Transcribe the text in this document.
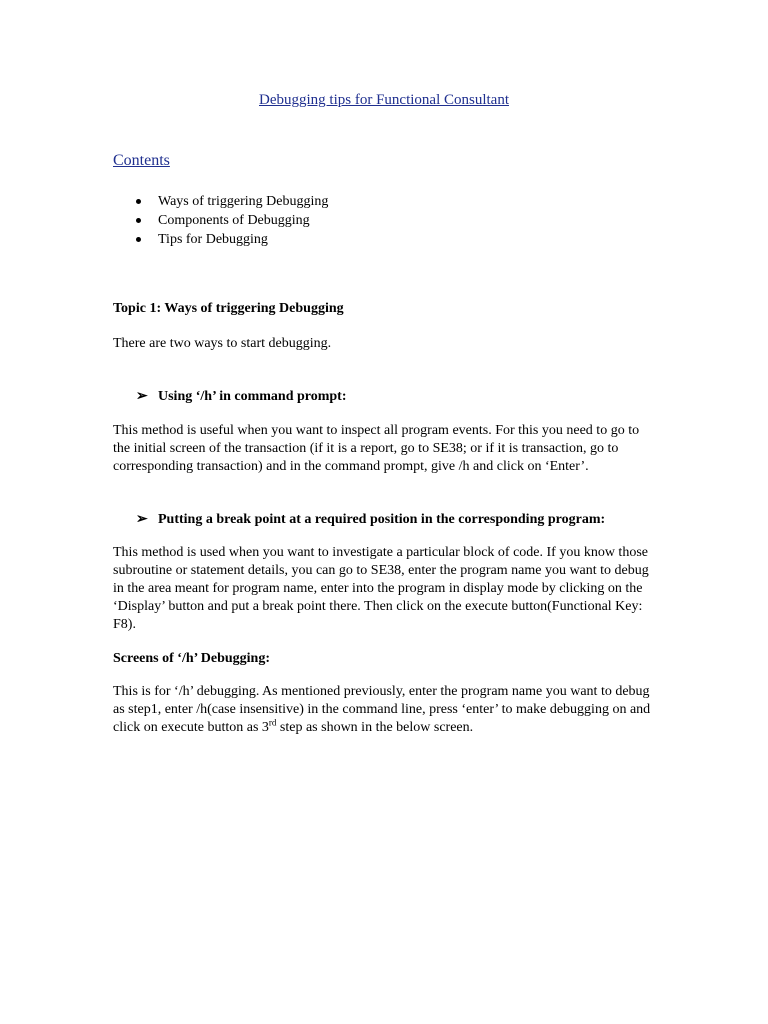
Debugging tips for Functional Consultant
Contents
Ways of triggering Debugging
Components of Debugging
Tips for Debugging
Topic 1: Ways of triggering Debugging
There are two ways to start debugging.
➢ Using ‘/h’ in command prompt:
This method is useful when you want to inspect all program events. For this you need to go to the initial screen of the transaction (if it is a report, go to SE38; or if it is transaction, go to corresponding transaction) and in the command prompt, give /h and click on ‘Enter’.
➢ Putting a break point at a required position in the corresponding program:
This method is used when you want to investigate a particular block of code. If you know those subroutine or statement details, you can go to SE38, enter the program name you want to debug in the area meant for program name, enter into the program in display mode by clicking on the ‘Display’ button and put a break point there. Then click on the execute button(Functional Key: F8).
Screens of ‘/h’ Debugging:
This is for ‘/h’ debugging. As mentioned previously, enter the program name you want to debug as step1, enter /h(case insensitive) in the command line, press ‘enter’ to make debugging on and click on execute button as 3rd step as shown in the below screen.
